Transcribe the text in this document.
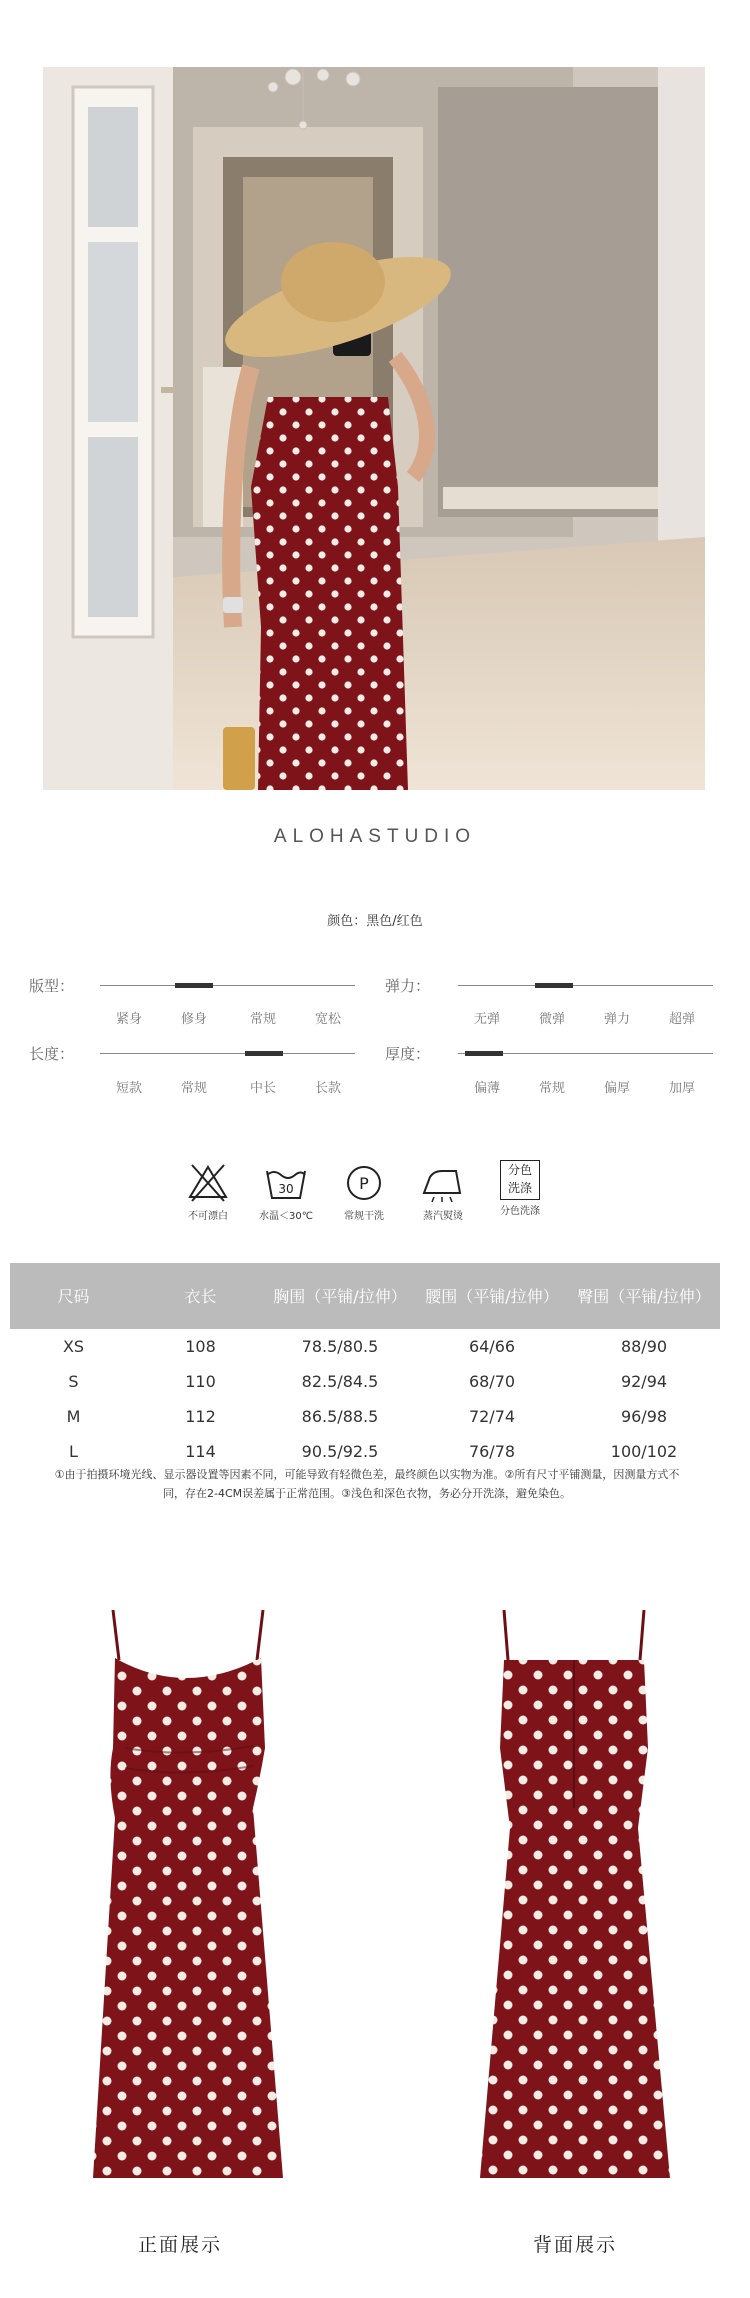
ALOHASTUDIO
颜色：黑色/红色
版型：
紧身	修身	常规	宽松
弹力：
无弹	微弹	弹力	超弹
长度：
短款	常规	中长	长款
厚度：
偏薄	常规	偏厚	加厚
不可漂白
30
水温＜30℃
P
常规干洗	蒸汽熨烫
分色
洗涤
分色洗涤
尺码	衣长	胸围（平铺/拉伸）	腰围（平铺/拉伸）	臀围（平铺/拉伸）
XS	108	78.5/80.5	64/66	88/90
S	110	82.5/84.5	68/70	92/94
M	112	86.5/88.5	72/74	96/98
L	114	90.5/92.5	76/78	100/102
①由于拍摄环境光线、显示器设置等因素不同，可能导致有轻微色差，最终颜色以实物为准。②所有尺寸平铺测量，因测量方式不
同，存在2-4CM误差属于正常范围。③浅色和深色衣物，务必分开洗涤，避免染色。
正面展示	背面展示
